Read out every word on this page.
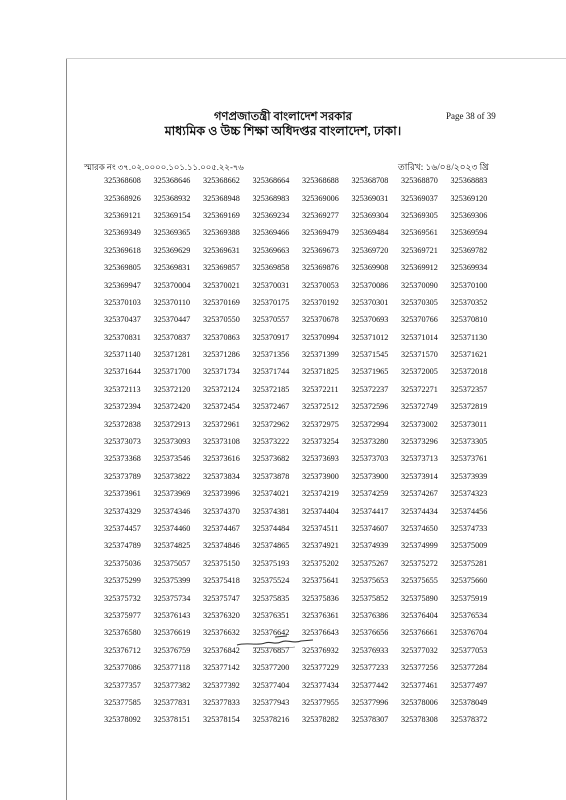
গণপ্রজাতন্ত্রী বাংলাদেশ সরকার
মাধ্যমিক ও উচ্চ শিক্ষা অধিদপ্তর বাংলাদেশ, ঢাকা।
Page 38 of 39
স্মারক নং ৩৭.০২.০০০০.১০১.১১.০০৫.২২-৭৬	তারিখ: ১৬/০৪/২০২৩ খ্রি
325368608	325368646	325368662	325368664	325368688	325368708	325368870	325368883
325368926	325368932	325368948	325368983	325369006	325369031	325369037	325369120
325369121	325369154	325369169	325369234	325369277	325369304	325369305	325369306
325369349	325369365	325369388	325369466	325369479	325369484	325369561	325369594
325369618	325369629	325369631	325369663	325369673	325369720	325369721	325369782
325369805	325369831	325369857	325369858	325369876	325369908	325369912	325369934
325369947	325370004	325370021	325370031	325370053	325370086	325370090	325370100
325370103	325370110	325370169	325370175	325370192	325370301	325370305	325370352
325370437	325370447	325370550	325370557	325370678	325370693	325370766	325370810
325370831	325370837	325370863	325370917	325370994	325371012	325371014	325371130
325371140	325371281	325371286	325371356	325371399	325371545	325371570	325371621
325371644	325371700	325371734	325371744	325371825	325371965	325372005	325372018
325372113	325372120	325372124	325372185	325372211	325372237	325372271	325372357
325372394	325372420	325372454	325372467	325372512	325372596	325372749	325372819
325372838	325372913	325372961	325372962	325372975	325372994	325373002	325373011
325373073	325373093	325373108	325373222	325373254	325373280	325373296	325373305
325373368	325373546	325373616	325373682	325373693	325373703	325373713	325373761
325373789	325373822	325373834	325373878	325373900	325373900	325373914	325373939
325373961	325373969	325373996	325374021	325374219	325374259	325374267	325374323
325374329	325374346	325374370	325374381	325374404	325374417	325374434	325374456
325374457	325374460	325374467	325374484	325374511	325374607	325374650	325374733
325374789	325374825	325374846	325374865	325374921	325374939	325374999	325375009
325375036	325375057	325375150	325375193	325375202	325375267	325375272	325375281
325375299	325375399	325375418	325375524	325375641	325375653	325375655	325375660
325375732	325375734	325375747	325375835	325375836	325375852	325375890	325375919
325375977	325376143	325376320	325376351	325376361	325376386	325376404	325376534
325376580	325376619	325376632	325376642	325376643	325376656	325376661	325376704
325376712	325376759	325376842	325376857	325376932	325376933	325377032	325377053
325377086	325377118	325377142	325377200	325377229	325377233	325377256	325377284
325377357	325377382	325377392	325377404	325377434	325377442	325377461	325377497
325377585	325377831	325377833	325377943	325377955	325377996	325378006	325378049
325378092	325378151	325378154	325378216	325378282	325378307	325378308	325378372
